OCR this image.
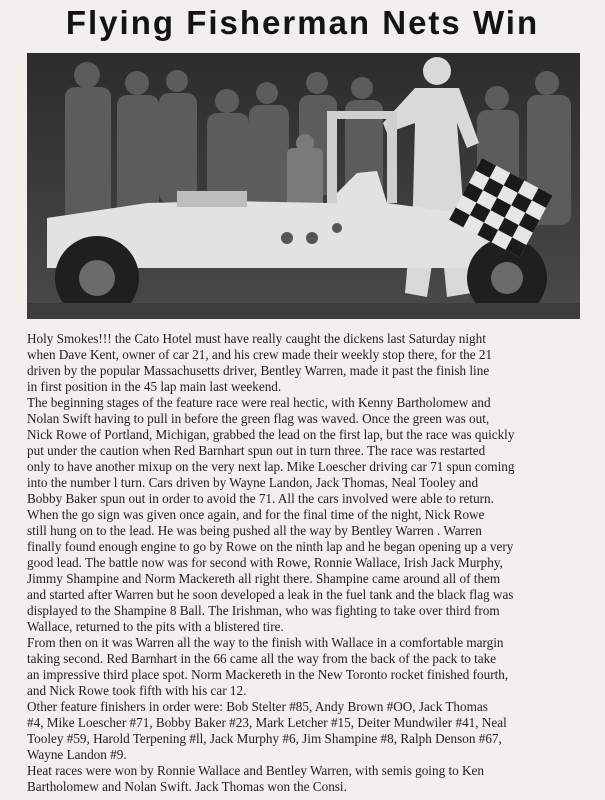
Flying Fisherman Nets Win

Holy Smokes!!! the Cato Hotel must have really caught the dickens last Saturday night
when Dave Kent, owner of car 21, and his crew made their weekly stop there, for the 21
driven by the popular Massachusetts driver, Bentley Warren, made it past the finish line
in first position in the 45 lap main last weekend.

The beginning stages of the feature race were real hectic, with Kenny Bartholomew and
Nolan Swift having to pull in before the green flag was waved. Once the green was out,
Nick Rowe of Portland, Michigan, grabbed the lead on the first lap, but the race was quickly
put under the caution when Red Barnhart spun out in turn three. The race was restarted
only to have another mixup on the very next lap. Mike Loescher driving car 71 spun coming
into the number l turn. Cars driven by Wayne Landon, Jack Thomas, Neal Tooley and
Bobby Baker spun out in order to avoid the 71. All the cars involved were able to return.

When the go sign was given once again, and for the final time of the night, Nick Rowe
still hung on to the lead. He was being pushed all the way by Bentley Warren . Warren
finally found enough engine to go by Rowe on the ninth lap and he began opening up a very
good lead. The battle now was for second with Rowe, Ronnie Wallace, Irish Jack Murphy,
Jimmy Shampine and Norm Mackereth all right there. Shampine came around all of them
and started after Warren but he soon developed a leak in the fuel tank and the black flag was
displayed to the Shampine 8 Ball. The Irishman, who was fighting to take over third from
Wallace, returned to the pits with a blistered tire.

From then on it was Warren all the way to the finish with Wallace in a comfortable margin
taking second. Red Barnhart in the 66 came all the way from the back of the pack to take
an impressive third place spot. Norm Mackereth in the New Toronto rocket finished fourth,
and Nick Rowe took fifth with his car 12.

Other feature finishers in order were: Bob Stelter #85, Andy Brown #OO, Jack Thomas
#4, Mike Loescher #71, Bobby Baker #23, Mark Letcher #15, Deiter Mundwiler #41, Neal
Tooley #59, Harold Terpening #ll, Jack Murphy #6, Jim Shampine #8, Ralph Denson #67,
Wayne Landon #9.

Heat races were won by Ronnie Wallace and Bentley Warren, with semis going to Ken
Bartholomew and Nolan Swift. Jack Thomas won the Consi.
